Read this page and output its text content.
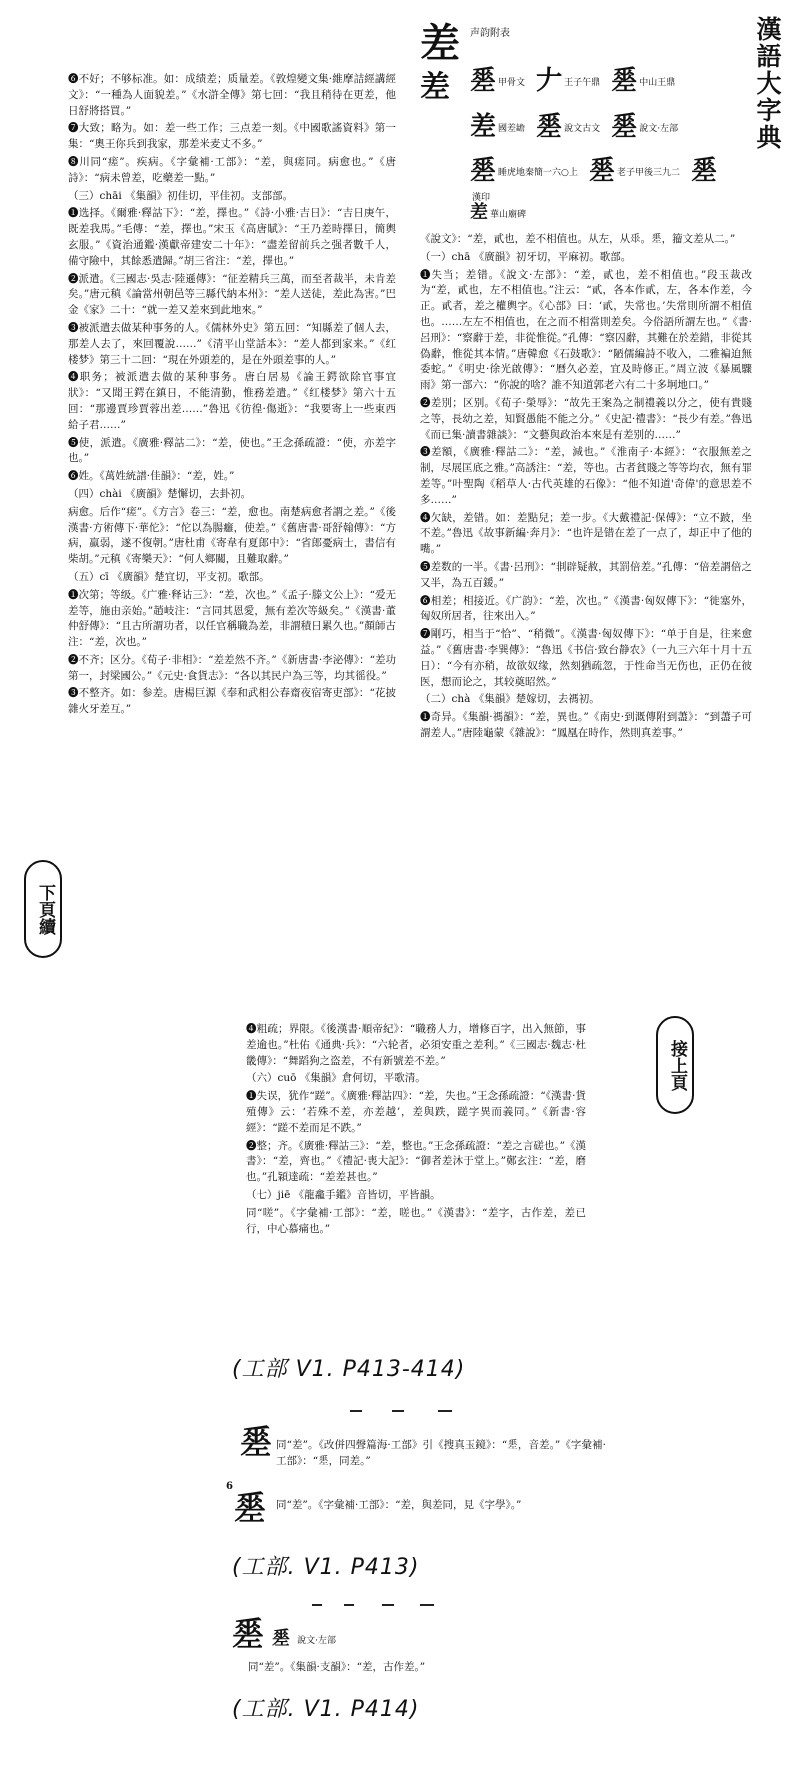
差 声韵附表
差	漢語大字典
𢀩 甲骨文 𠂇 王子午鼎 𢀩 中山王鼎
差 國差𦉜 𢀩 說文古文 𢀩 說文·左部
𢀩 睡虎地秦簡一六○上 𢀩 老子甲後三九二 𢀩漢印
差 華山廟碑

❻不好；不够标准。如：成绩差；质量差。《敦煌變文集·維摩詰經講經文》：“一種為人面貌差。”《水滸全傳》第七回：“我且稍待在更差，他日舒將搭買。”

❼大致；略为。如：差一些工作；三点差一刻。《中國歌謠資料》第一集：“奧王你兵到我家，那差米麦丈不多。”

❽川同“瘥”。疾病。《字彙補·工部》：“差，與瘥同。病愈也。”《唐詩》：“病未曾差，吃藥差一點。”

（三）chāi 《集韻》初佳切，平佳初。支部部。

❶选择。《爾雅·釋詁下》：“差，擇也。”《詩·小雅·吉日》：“吉日庚午，既差我馬。”毛傳：“差，擇也。”宋玉《高唐賦》：“王乃差時擇日，簡輿玄服。”《資治通鑑·漢獻帝建安二十年》：“盡差留前兵之强者數千人，備守險中，其餘悉遣歸。”胡三省注：“差，擇也。”

❷派遣。《三國志·吳志·陸遜傳》：“征差精兵三萬，而至者裁半，未肯差矣。”唐元稹《論當州朝邑等三縣代納本州》：“差人送徒，差此為害。”巴金《家》二十：“就一差又差來到此地來。”

❸被派遣去做某种事务的人。《儒林外史》第五回：“知縣差了個人去，那差人去了，來回覆說……”《清平山堂話本》：“差人都到家来。”《红楼梦》第三十二回：“現在外頭差的，是在外頭差事的人。”

❹职务；被派遣去做的某种事务。唐白居易《論王鍔欲除官事宜狀》：“又聞王鍔在鎮日，不能清勤，惟務差遣。”《红楼梦》第六十五回：“那邊賈珍賈蓉出差……”魯迅《彷徨·傷逝》：“我要寄上一些東西給子君……”

❺使，派遣。《廣雅·釋詁二》：“差，使也。”王念孫疏證：“使，亦差字也。”

❻姓。《萬姓統譜·佳韻》：“差，姓。”

（四）chài 《廣韻》楚懈切，去卦初。

病愈。后作“瘥”。《方言》卷三：“差，愈也。南楚病愈者謂之差。”《後漢書·方術傳下·華佗》：“佗以為腸癰，使差。”《舊唐書·哥舒翰傳》：“方病，羸弱，遂不復朝。”唐杜甫《寄韋有夏郎中》：“省郎憂病士，書信有柴胡。”元稹《寄樂天》：“何人鄉關，且難取辭。”

（五）cī 《廣韻》楚宜切，平支初。歌部。

❶次第；等级。《广雅·释诂三》：“差，次也。”《孟子·滕文公上》：“爱无差等，施由亲始。”趙岐注：“言同其恩愛，無有差次等級矣。”《漢書·董仲舒傳》：“且古所謂功者，以任官稱職為差，非謂積日累久也。”顏師古注：“差，次也。”

❷不齐；区分。《荀子·非相》：“差差然不齐。”《新唐書·李泌傳》：“差功第一，封梁國公。”《元史·食貨志》：“各以其民户為三等，均其徭役。”

❸不整齐。如：参差。唐楊巨源《奉和武相公春齋夜宿寄吏部》：“花披雜火牙差互。”

《說文》：“差，貳也，差不相值也。从左，从𠂹。𢀩，籀文差从二。”

（一）chā 《廣韻》初牙切，平麻初。歌部。

❶失当；差错。《說文·左部》：“差，貳也，差不相值也。”段玉裁改为“差，貳也，左不相值也。”注云：“貳，各本作貳，左，各本作差，今正。貳者，差之權輿字。《心部》曰：‘貳，失常也。’失常則所謂不相值也。……左左不相值也，在之而不相當則差矣。今俗語所謂左也。”《書·呂刑》：“察辭于差，非從惟從。”孔傳：“察囚辭，其難在於差錯，非從其偽辭，惟從其本情。”唐韓愈《石鼓歌》：“陋儒編詩不收入，二雅褊迫無委蛇。”《明史·徐光啟傳》：“曆久必差，宜及時修正。”周立波《暴風驟雨》第一部六：“你說的啥？誰不知道郭老六有二十多坰地口。”

❷差別；区别。《荀子·榮辱》：“故先王案為之制禮義以分之，使有貴賤之等，長幼之差，知賢愚能不能之分。”《史記·禮書》：“長少有差。”魯迅《而已集·讀書雜談》：“文藝與政治本來是有差别的……”

❸差額，《廣雅·釋詁二》：“差，減也。”《淮南子·本經》：“衣服無差之制，尽展匡底之雅。”高誘注：“差，等也。古者貧賤之等等均衣，無有罪差等。”叶聖陶《稻草人·古代英雄的石像》：“他不知道'奇偉'的意思差不多……”

❹欠缺，差错。如：差點兒；差一步。《大戴禮記·保傅》：“立不跛，坐不差。”魯迅《故事新編·奔月》：“也许是错在差了一点了，却正中了他的嘴。”

❺差数的一半。《書·呂刑》：“剕辟疑赦，其罰倍差。”孔傳：“倍差謂倍之又半，為五百鍰。”

❻相差；相接近。《广韵》：“差，次也。”《漢書·匈奴傳下》：“徙塞外，匈奴所居者，往來出入。”

❼剛巧，相当于“恰”、“稍微”。《漢書·匈奴傳下》：“单于自是，往来愈益。”《舊唐書·李巽傳》：“魯迅《书信·致台静农》（一九三六年十月十五日）：“今有亦稍，故欲奴缘，然刻猶疏忽，于性命当无伤也，正仍在彼医，想而论之，其较奠昭然。”

（二）chà 《集韻》楚嫁切，去禡初。

❶奇异。《集韻·禡韻》：“差，異也。”《南史·到溉傳附到藎》：“到藎子可謂差人。”唐陸龜蒙《雜說》：“鳳凰在時作，然則真差事。”

下頁續
接上頁

❹粗疏；界限。《後漢書·順帝紀》：“職務人力，增修百字，出入無節，事差逾也。”杜佑《通典·兵》：“六轮者，必須安重之差利。”《三國志·魏志·杜畿傳》：“舞蹈狗之盗差，不有新號差不差。”

（六）cuō 《集韻》倉何切，平歌清。

❶失误，犹作“蹉”。《廣雅·釋詁四》：“差，失也。”王念孫疏證：“《漢書·貨殖傳》云：‘若殊不差，亦差越’，差與跌，蹉字異而義同。”《新書·容經》：“蹉不差而足不跌。”

❷整；齐。《廣雅·釋詁三》：“差，整也。”王念孫疏證：“差之言磋也。”《漢書》：“差，齊也。”《禮記·喪大記》：“御者差沐于堂上。”鄭玄注：“差，磨也。”孔穎達疏：“差差甚也。”

（七）jiē 《龍龕手鑑》音皆切，平皆韻。

同“嗟”。《字彙補·工部》：“差，嗟也。”《漢書》：“差字，古作差，差已行，中心慕痛也。”

(工部 V1. P413-414)
𢀩 同“差”。《改併四聲篇海·工部》引《搜真玉鏡》：“𢀩，音差。”《字彙補·工部》：“𢀩，同差。”

6
𢀩 同“差”。《字彙補·工部》：“差，與差同，見《字學》。”

(工部. V1. P413)
𢀩 𢀩 說文·左部

同“差”。《集韻·支韻》：“差，古作差。”

(工部. V1. P414)
